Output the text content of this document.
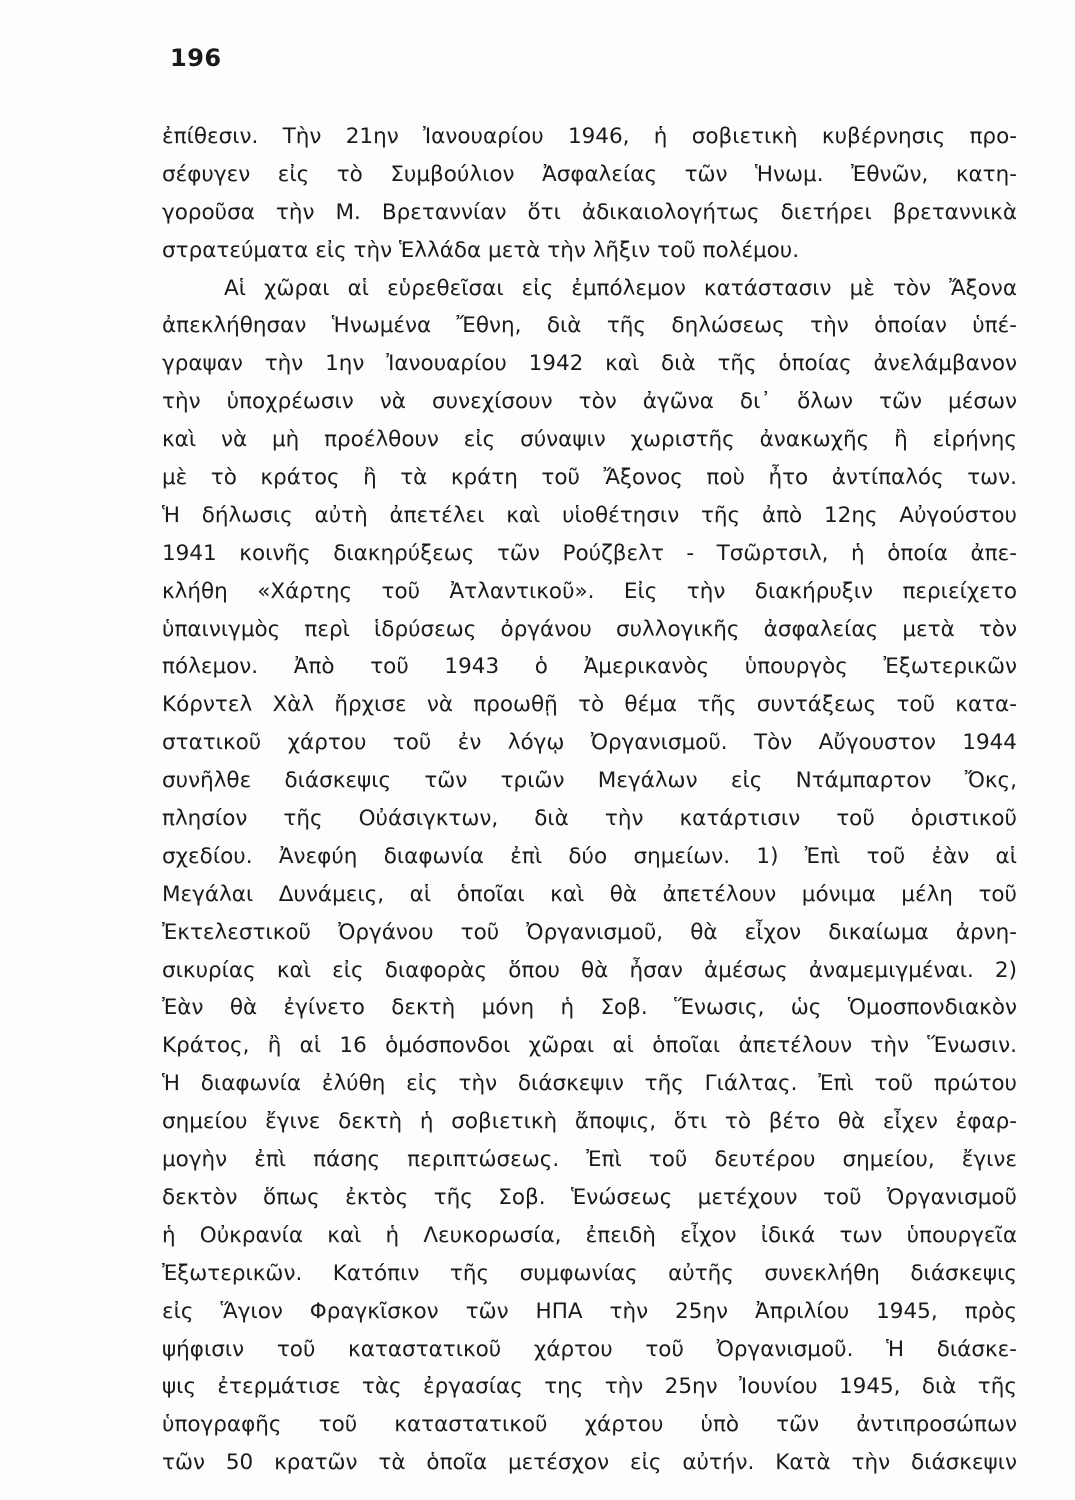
196
ἐπίθεσιν. Τὴν 21ην Ἰανουαρίου 1946, ἡ σοβιετικὴ κυβέρνησις προ-
σέφυγεν εἰς τὸ Συμβούλιον Ἀσφαλείας τῶν Ἡνωμ. Ἐθνῶν, κατη-
γοροῦσα τὴν Μ. Βρεταννίαν ὅτι ἀδικαιολογήτως διετήρει βρεταννικὰ
στρατεύματα εἰς τὴν Ἑλλάδα μετὰ τὴν λῆξιν τοῦ πολέμου.
Αἱ χῶραι αἱ εὑρεθεῖσαι εἰς ἐμπόλεμον κατάστασιν μὲ τὸν Ἄξονα
ἀπεκλήθησαν Ἡνωμένα Ἔθνη, διὰ τῆς δηλώσεως τὴν ὁποίαν ὑπέ-
γραψαν τὴν 1ην Ἰανουαρίου 1942 καὶ διὰ τῆς ὁποίας ἀνελάμβανον
τὴν ὑποχρέωσιν νὰ συνεχίσουν τὸν ἀγῶνα δι᾽ ὅλων τῶν μέσων
καὶ νὰ μὴ προέλθουν εἰς σύναψιν χωριστῆς ἀνακωχῆς ἢ εἰρήνης
μὲ τὸ κράτος ἢ τὰ κράτη τοῦ Ἄξονος ποὺ ἦτο ἀντίπαλός των.
Ἡ δήλωσις αὐτὴ ἀπετέλει καὶ υἱοθέτησιν τῆς ἀπὸ 12ης Αὐγούστου
1941 κοινῆς διακηρύξεως τῶν Ρούζβελτ - Τσῶρτσιλ, ἡ ὁποία ἀπε-
κλήθη «Χάρτης τοῦ Ἀτλαντικοῦ». Εἰς τὴν διακήρυξιν περιείχετο
ὑπαινιγμὸς περὶ ἱδρύσεως ὀργάνου συλλογικῆς ἀσφαλείας μετὰ τὸν
πόλεμον. Ἀπὸ τοῦ 1943 ὁ Ἀμερικανὸς ὑπουργὸς Ἐξωτερικῶν
Κόρντελ Χὰλ ἤρχισε νὰ προωθῇ τὸ θέμα τῆς συντάξεως τοῦ κατα-
στατικοῦ χάρτου τοῦ ἐν λόγῳ Ὀργανισμοῦ. Τὸν Αὔγουστον 1944
συνῆλθε διάσκεψις τῶν τριῶν Μεγάλων εἰς Ντάμπαρτον Ὄκς,
πλησίον τῆς Οὐάσιγκτων, διὰ τὴν κατάρτισιν τοῦ ὁριστικοῦ
σχεδίου. Ἀνεφύη διαφωνία ἐπὶ δύο σημείων. 1) Ἐπὶ τοῦ ἐὰν αἱ
Μεγάλαι Δυνάμεις, αἱ ὁποῖαι καὶ θὰ ἀπετέλουν μόνιμα μέλη τοῦ
Ἐκτελεστικοῦ Ὀργάνου τοῦ Ὀργανισμοῦ, θὰ εἶχον δικαίωμα ἀρνη-
σικυρίας καὶ εἰς διαφορὰς ὅπου θὰ ἦσαν ἀμέσως ἀναμεμιγμέναι. 2)
Ἐὰν θὰ ἐγίνετο δεκτὴ μόνη ἡ Σοβ. Ἕνωσις, ὡς Ὁμοσπονδιακὸν
Κράτος, ἢ αἱ 16 ὁμόσπονδοι χῶραι αἱ ὁποῖαι ἀπετέλουν τὴν Ἕνωσιν.
Ἡ διαφωνία ἐλύθη εἰς τὴν διάσκεψιν τῆς Γιάλτας. Ἐπὶ τοῦ πρώτου
σημείου ἔγινε δεκτὴ ἡ σοβιετικὴ ἄποψις, ὅτι τὸ βέτο θὰ εἶχεν ἐφαρ-
μογὴν ἐπὶ πάσης περιπτώσεως. Ἐπὶ τοῦ δευτέρου σημείου, ἔγινε
δεκτὸν ὅπως ἐκτὸς τῆς Σοβ. Ἑνώσεως μετέχουν τοῦ Ὀργανισμοῦ
ἡ Οὐκρανία καὶ ἡ Λευκορωσία, ἐπειδὴ εἶχον ἰδικά των ὑπουργεῖα
Ἐξωτερικῶν. Κατόπιν τῆς συμφωνίας αὐτῆς συνεκλήθη διάσκεψις
εἰς Ἅγιον Φραγκῖσκον τῶν ΗΠΑ τὴν 25ην Ἀπριλίου 1945, πρὸς
ψήφισιν τοῦ καταστατικοῦ χάρτου τοῦ Ὀργανισμοῦ. Ἡ διάσκε-
ψις ἐτερμάτισε τὰς ἐργασίας της τὴν 25ην Ἰουνίου 1945, διὰ τῆς
ὑπογραφῆς τοῦ καταστατικοῦ χάρτου ὑπὸ τῶν ἀντιπροσώπων
τῶν 50 κρατῶν τὰ ὁποῖα μετέσχον εἰς αὐτήν. Κατὰ τὴν διάσκεψιν
